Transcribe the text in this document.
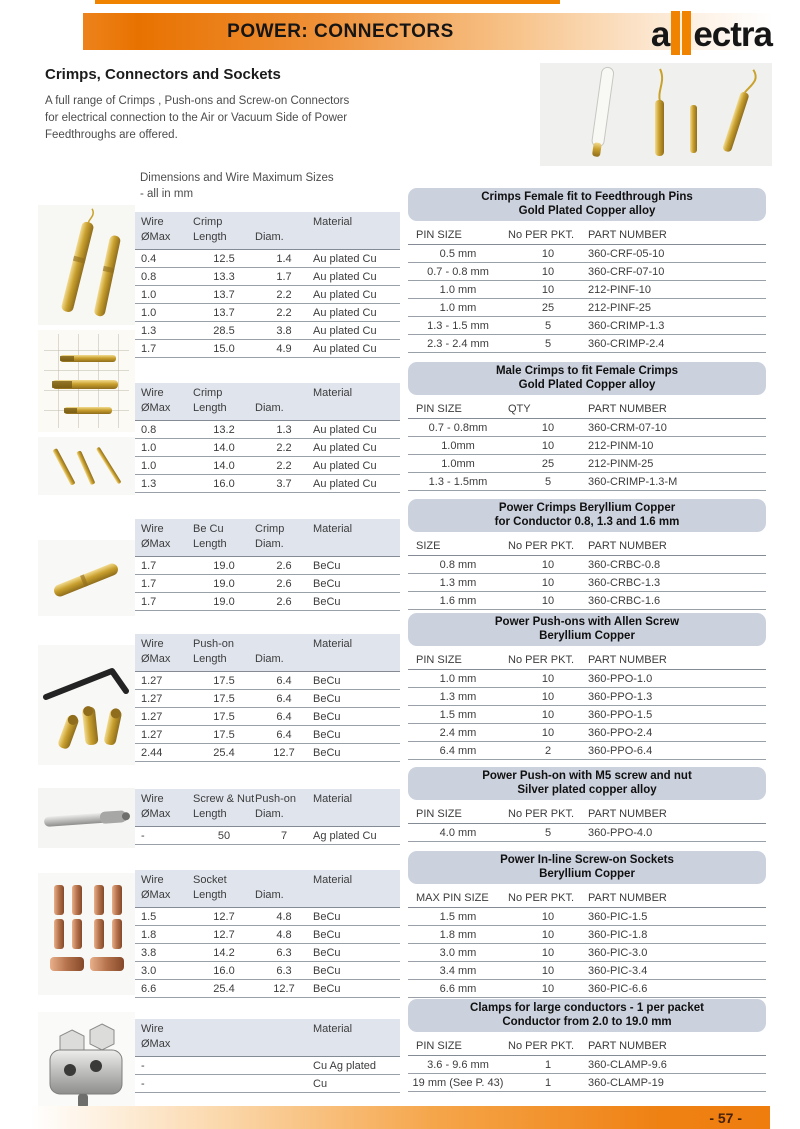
POWER: CONNECTORS	a ectra
Crimps, Connectors and Sockets
A full range of Crimps , Push-ons and Screw-on Connectors
for electrical connection to the Air or Vacuum Side of Power
Feedthroughs are offered.
Dimensions and Wire Maximum Sizes
- all in mm
Wire	Crimp	Material
ØMax	Length	Diam.
0.4	12.5	1.4	Au plated Cu
0.8	13.3	1.7	Au plated Cu
1.0	13.7	2.2	Au plated Cu
1.0	13.7	2.2	Au plated Cu
1.3	28.5	3.8	Au plated Cu
1.7	15.0	4.9	Au plated Cu
Wire	Crimp	Material
ØMax	Length	Diam.
0.8	13.2	1.3	Au plated Cu
1.0	14.0	2.2	Au plated Cu
1.0	14.0	2.2	Au plated Cu
1.3	16.0	3.7	Au plated Cu
Wire	Be Cu	Crimp	Material
ØMax	Length	Diam.
1.7	19.0	2.6	BeCu
1.7	19.0	2.6	BeCu
1.7	19.0	2.6	BeCu
Wire	Push-on	Material
ØMax	Length	Diam.
1.27	17.5	6.4	BeCu
1.27	17.5	6.4	BeCu
1.27	17.5	6.4	BeCu
1.27	17.5	6.4	BeCu
2.44	25.4	12.7	BeCu
Wire	Screw & Nut Push-on	Material
ØMax	Length	Diam.
-	50	7	Ag plated Cu
Wire	Socket	Material
ØMax	Length	Diam.
1.5	12.7	4.8	BeCu
1.8	12.7	4.8	BeCu
3.8	14.2	6.3	BeCu
3.0	16.0	6.3	BeCu
6.6	25.4	12.7	BeCu
Wire	Material
ØMax
-	Cu Ag plated
-	Cu
Crimps Female fit to Feedthrough Pins
Gold Plated Copper alloy
PIN SIZE	No PER PKT.	PART NUMBER
0.5 mm	10	360-CRF-05-10
0.7 - 0.8 mm	10	360-CRF-07-10
1.0 mm	10	212-PINF-10
1.0 mm	25	212-PINF-25
1.3 - 1.5 mm	5	360-CRIMP-1.3
2.3 - 2.4 mm	5	360-CRIMP-2.4
Male Crimps to fit Female Crimps
Gold Plated Copper alloy
PIN SIZE	QTY	PART NUMBER
0.7 - 0.8mm	10	360-CRM-07-10
1.0mm	10	212-PINM-10
1.0mm	25	212-PINM-25
1.3 - 1.5mm	5	360-CRIMP-1.3-M
Power Crimps Beryllium Copper
for Conductor 0.8, 1.3 and 1.6 mm
SIZE	No PER PKT.	PART NUMBER
0.8 mm	10	360-CRBC-0.8
1.3 mm	10	360-CRBC-1.3
1.6 mm	10	360-CRBC-1.6
Power Push-ons with Allen Screw
Beryllium Copper
PIN SIZE	No PER PKT.	PART NUMBER
1.0 mm	10	360-PPO-1.0
1.3 mm	10	360-PPO-1.3
1.5 mm	10	360-PPO-1.5
2.4 mm	10	360-PPO-2.4
6.4 mm	2	360-PPO-6.4
Power Push-on with M5 screw and nut
Silver plated copper alloy
PIN SIZE	No PER PKT.	PART NUMBER
4.0 mm	5	360-PPO-4.0
Power In-line Screw-on Sockets
Beryllium Copper
MAX PIN SIZE	No PER PKT.	PART NUMBER
1.5 mm	10	360-PIC-1.5
1.8 mm	10	360-PIC-1.8
3.0 mm	10	360-PIC-3.0
3.4 mm	10	360-PIC-3.4
6.6 mm	10	360-PIC-6.6
Clamps for large conductors - 1 per packet
Conductor from 2.0 to 19.0 mm
PIN SIZE	No PER PKT.	PART NUMBER
3.6 - 9.6 mm	1	360-CLAMP-9.6
19 mm (See P. 43)	1	360-CLAMP-19
- 57 -
